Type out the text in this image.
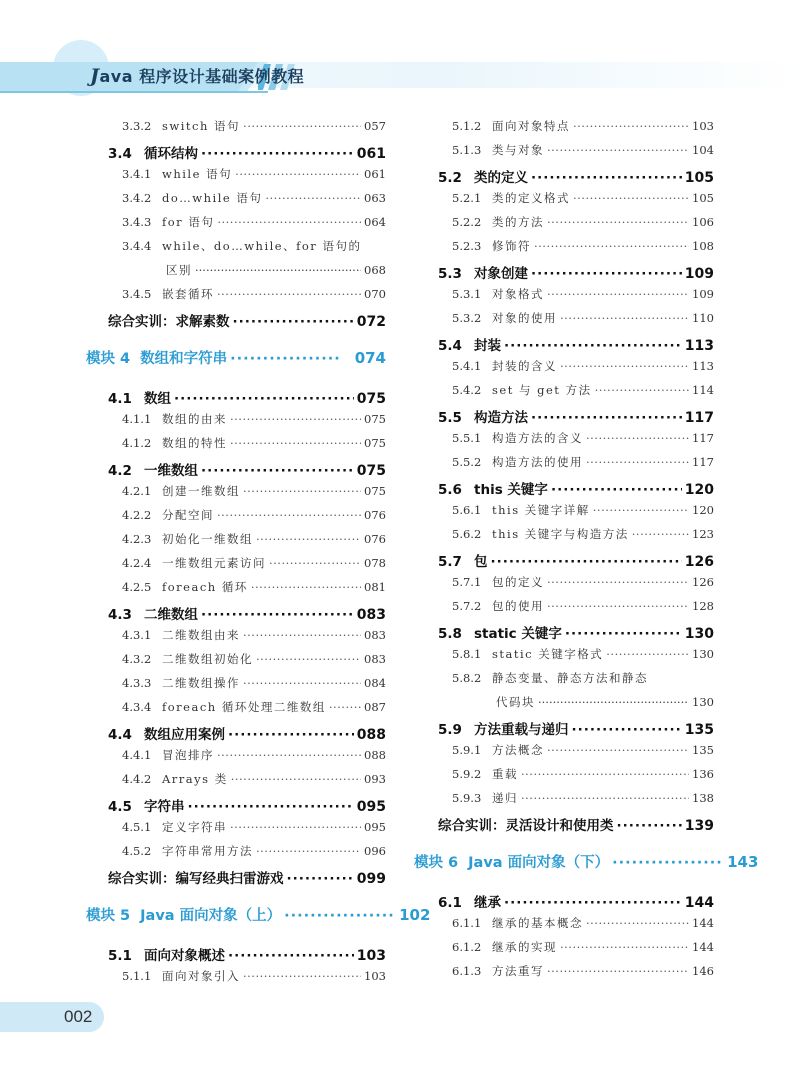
Java 程序设计基础案例教程
3.3.2 switch 语句 ·····	057
3.4 循环结构 ·····	061
3.4.1 while 语句 ·····	061
3.4.2 do…while 语句 ·····	063
3.4.3 for 语句 ·····	064
3.4.4 while、do…while、for 语句的
区别 ·····	068
3.4.5 嵌套循环 ·····	070
综合实训：求解素数 ·····	072
模块 4 数组和字符串 ·····	074
4.1 数组 ·····	075
4.1.1 数组的由来 ·····	075
4.1.2 数组的特性 ·····	075
4.2 一维数组 ·····	075
4.2.1 创建一维数组 ·····	075
4.2.2 分配空间 ·····	076
4.2.3 初始化一维数组 ·····	076
4.2.4 一维数组元素访问 ·····	078
4.2.5 foreach 循环 ·····	081
4.3 二维数组 ·····	083
4.3.1 二维数组由来 ·····	083
4.3.2 二维数组初始化 ·····	083
4.3.3 二维数组操作 ·····	084
4.3.4 foreach 循环处理二维数组 ·····	087
4.4 数组应用案例 ·····	088
4.4.1 冒泡排序 ·····	088
4.4.2 Arrays 类 ·····	093
4.5 字符串 ·····	095
4.5.1 定义字符串 ·····	095
4.5.2 字符串常用方法 ·····	096
综合实训：编写经典扫雷游戏 ·····	099
模块 5 Java 面向对象（上） ·····	102
5.1 面向对象概述 ·····	103
5.1.1 面向对象引入 ·····	103
5.1.2 面向对象特点 ·····	103
5.1.3 类与对象 ·····	104
5.2 类的定义 ·····	105
5.2.1 类的定义格式 ·····	105
5.2.2 类的方法 ·····	106
5.2.3 修饰符 ·····	108
5.3 对象创建 ·····	109
5.3.1 对象格式 ·····	109
5.3.2 对象的使用 ·····	110
5.4 封装 ·····	113
5.4.1 封装的含义 ·····	113
5.4.2 set 与 get 方法 ·····	114
5.5 构造方法 ·····	117
5.5.1 构造方法的含义 ·····	117
5.5.2 构造方法的使用 ·····	117
5.6 this 关键字 ·····	120
5.6.1 this 关键字详解 ·····	120
5.6.2 this 关键字与构造方法 ·····	123
5.7 包 ·····	126
5.7.1 包的定义 ·····	126
5.7.2 包的使用 ·····	128
5.8 static 关键字 ·····	130
5.8.1 static 关键字格式 ·····	130
5.8.2 静态变量、静态方法和静态
代码块 ·····	130
5.9 方法重载与递归 ·····	135
5.9.1 方法概念 ·····	135
5.9.2 重载 ·····	136
5.9.3 递归 ·····	138
综合实训：灵活设计和使用类 ·····	139
模块 6 Java 面向对象（下） ·····	143
6.1 继承 ·····	144
6.1.1 继承的基本概念 ·····	144
6.1.2 继承的实现 ·····	144
6.1.3 方法重写 ·····	146
002
